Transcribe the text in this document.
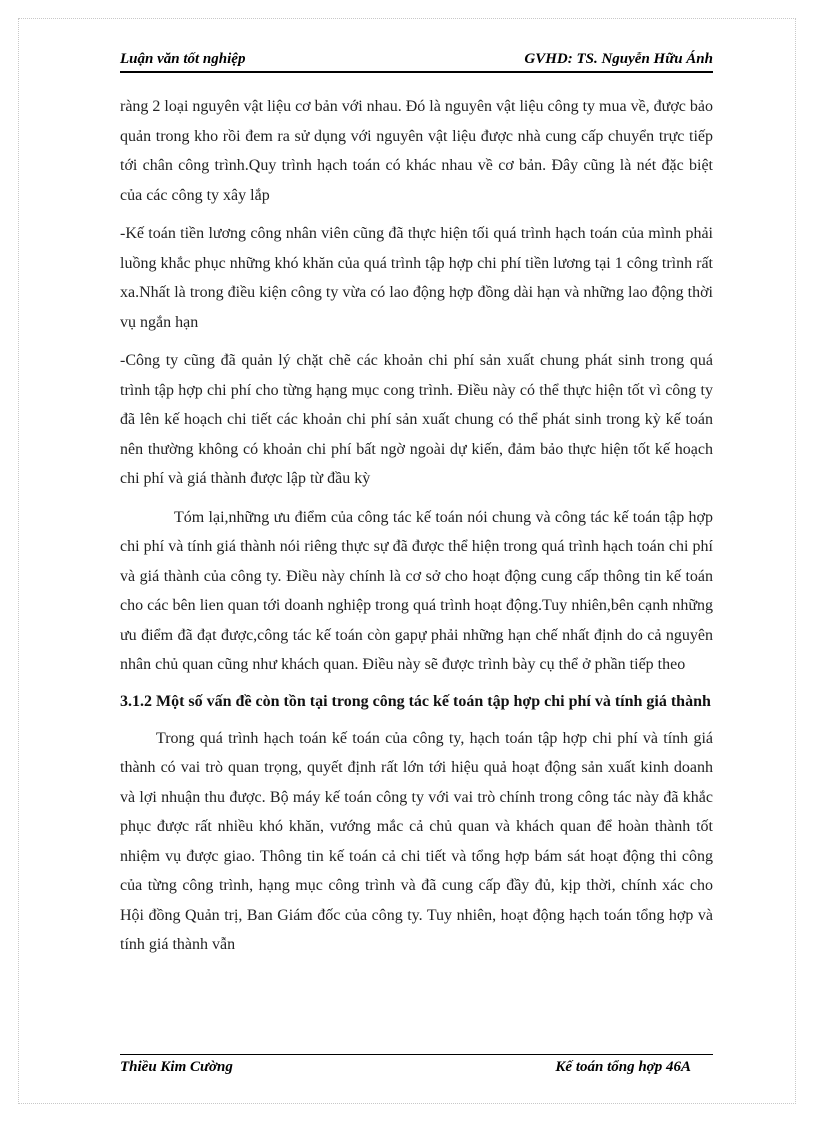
Luận văn tốt nghiệp	GVHD: TS. Nguyễn Hữu Ánh

ràng 2 loại nguyên vật liệu cơ bản với nhau. Đó là nguyên vật liệu công ty mua về, được bảo quản trong kho rồi đem ra sử dụng với nguyên vật liệu được nhà cung cấp chuyển trực tiếp tới chân công trình.Quy trình hạch toán có khác nhau về cơ bản. Đây cũng là nét đặc biệt của các công ty xây lắp

-Kế toán tiền lương công nhân viên cũng đã thực hiện tối quá trình hạch toán của mình phải luồng khắc phục những khó khăn của quá trình tập hợp chi phí tiền lương tại 1 công trình rất xa.Nhất là trong điều kiện công ty vừa có lao động hợp đồng dài hạn và những lao động thời vụ ngắn hạn

-Công ty cũng đã quản lý chặt chẽ các khoản chi phí sản xuất chung phát sinh trong quá trình tập hợp chi phí cho từng hạng mục cong trình. Điều này có thể thực hiện tốt vì công ty đã lên kế hoạch chi tiết các khoản chi phí sản xuất chung có thể phát sinh trong kỳ kế toán nên thường không có khoản chi phí bất ngờ ngoài dự kiến, đảm bảo thực hiện tốt kế hoạch chi phí và giá thành được lập từ đầu kỳ

Tóm lại,những ưu điểm của công tác kế toán nói chung và công tác kế toán tập hợp chi phí và tính giá thành nói riêng thực sự đã được thể hiện trong quá trình hạch toán chi phí và giá thành của công ty. Điều này chính là cơ sở cho hoạt động cung cấp thông tin kế toán cho các bên lien quan tới doanh nghiệp trong quá trình hoạt động.Tuy nhiên,bên cạnh những ưu điểm đã đạt được,công tác kế toán còn gapự phải những hạn chế nhất định do cả nguyên nhân chủ quan cũng như khách quan. Điều này sẽ được trình bày cụ thể ở phần tiếp theo

3.1.2 Một số vấn đề còn tồn tại trong công tác kế toán tập hợp chi phí và tính giá thành

Trong quá trình hạch toán kế toán của công ty, hạch toán tập hợp chi phí và tính giá thành có vai trò quan trọng, quyết định rất lớn tới hiệu quả hoạt động sản xuất kinh doanh và lợi nhuận thu được. Bộ máy kế toán công ty với vai trò chính trong công tác này đã khắc phục được rất nhiều khó khăn, vướng mắc cả chủ quan và khách quan để hoàn thành tốt nhiệm vụ được giao. Thông tin kế toán cả chi tiết và tổng hợp bám sát hoạt động thi công của từng công trình, hạng mục công trình và đã cung cấp đầy đủ, kịp thời, chính xác cho Hội đồng Quản trị, Ban Giám đốc của công ty. Tuy nhiên, hoạt động hạch toán tổng hợp và tính giá thành vẫn

Thiều Kim Cường	Kế toán tổng hợp 46A
